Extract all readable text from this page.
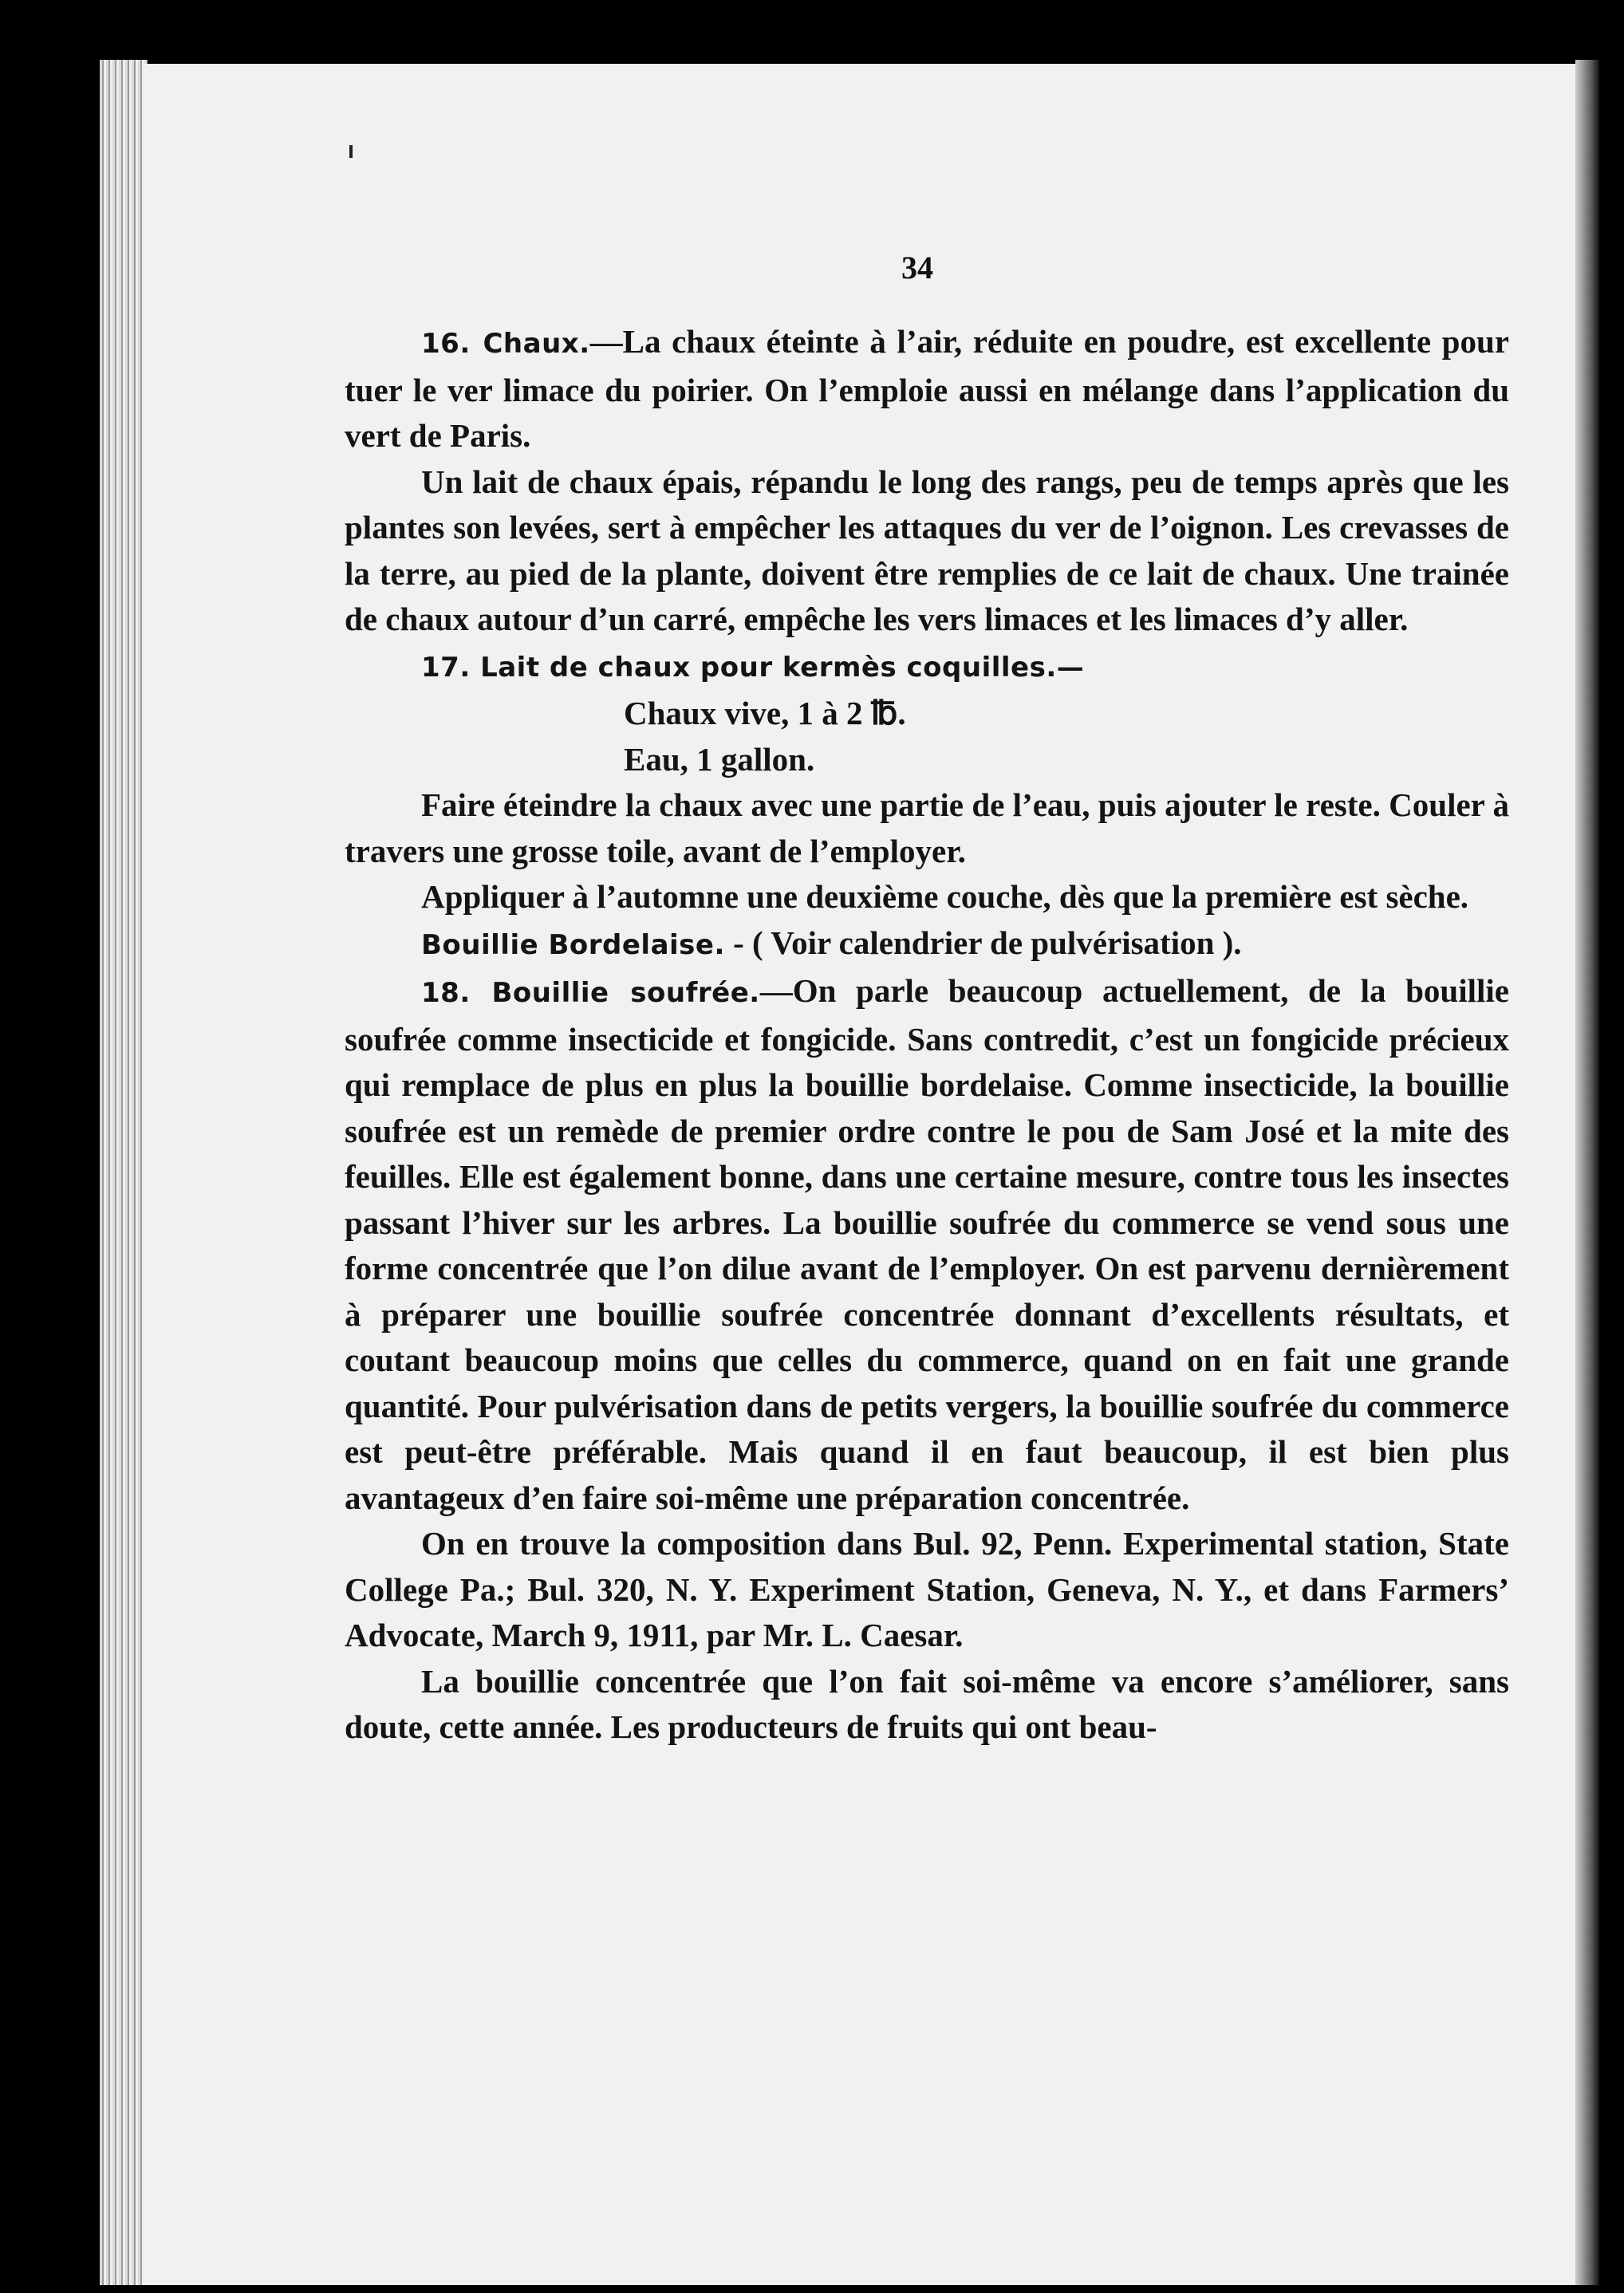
34

16. Chaux.—La chaux éteinte à l’air, réduite en poudre, est excellente pour tuer le ver limace du poirier. On l’emploie aussi en mélange dans l’application du vert de Paris.

Un lait de chaux épais, répandu le long des rangs, peu de temps après que les plantes son levées, sert à empêcher les attaques du ver de l’oignon. Les crevasses de la terre, au pied de la plante, doivent être remplies de ce lait de chaux. Une trainée de chaux autour d’un carré, empêche les vers limaces et les limaces d’y aller.

17. Lait de chaux pour kermès coquilles.—

Chaux vive, 1 à 2 ℔.

Eau, 1 gallon.

Faire éteindre la chaux avec une partie de l’eau, puis ajouter le reste. Couler à travers une grosse toile, avant de l’employer.

Appliquer à l’automne une deuxième couche, dès que la première est sèche.

Bouillie Bordelaise. - ( Voir calendrier de pulvérisation ).

18. Bouillie soufrée.—On parle beaucoup actuellement, de la bouillie soufrée comme insecticide et fongicide. Sans contredit, c’est un fongicide précieux qui remplace de plus en plus la bouillie bordelaise. Comme insecticide, la bouillie soufrée est un remède de premier ordre contre le pou de Sam José et la mite des feuilles. Elle est également bonne, dans une certaine mesure, contre tous les insectes passant l’hiver sur les arbres. La bouillie soufrée du commerce se vend sous une forme concentrée que l’on dilue avant de l’employer. On est parvenu dernièrement à préparer une bouillie soufrée concentrée donnant d’excellents résultats, et coutant beaucoup moins que celles du commerce, quand on en fait une grande quantité. Pour pulvérisation dans de petits vergers, la bouillie soufrée du commerce est peut-être préférable. Mais quand il en faut beaucoup, il est bien plus avantageux d’en faire soi-même une préparation concentrée.

On en trouve la composition dans Bul. 92, Penn. Experimental station, State College Pa.; Bul. 320, N. Y. Experiment Station, Geneva, N. Y., et dans Farmers’ Advocate, March 9, 1911, par Mr. L. Caesar.

La bouillie concentrée que l’on fait soi-même va encore s’améliorer, sans doute, cette année. Les producteurs de fruits qui ont beau-
